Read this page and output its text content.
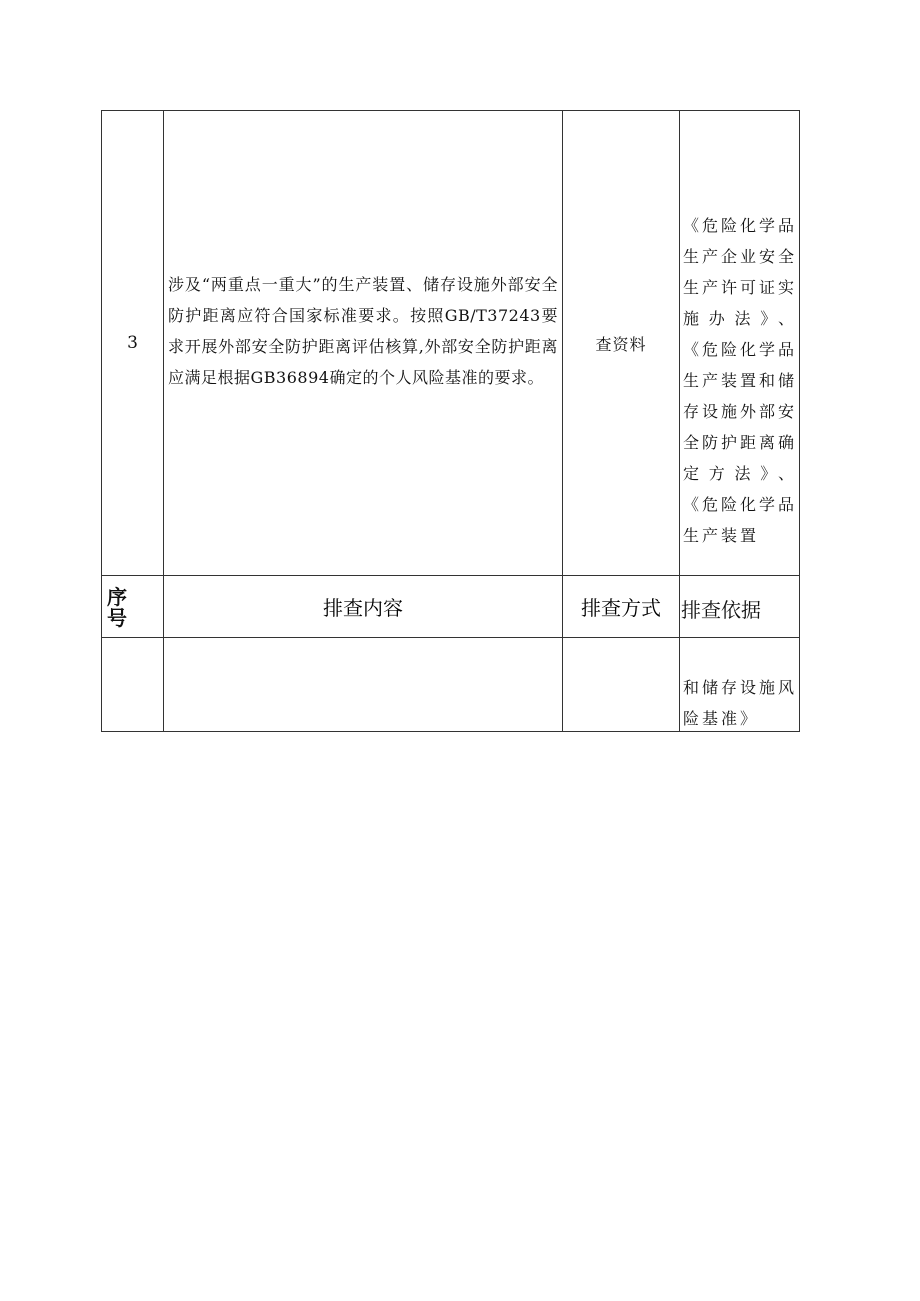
3
涉及“两重点一重大”的生产装置、储存设施外部安全防护距离应符合国家标准要求。按照GB/T37243要求开展外部安全防护距离评估核算,外部安全防护距离应满足根据GB36894确定的个人风险基准的要求。
查资料
《危险化学品生产企业安全生产许可证实施办法》、《危险化学品生产装置和储存设施外部安全防护距离确定方法》、《危险化学品生产装置
序号	排查内容	排查方式 排查依据
和储存设施风险基准》
